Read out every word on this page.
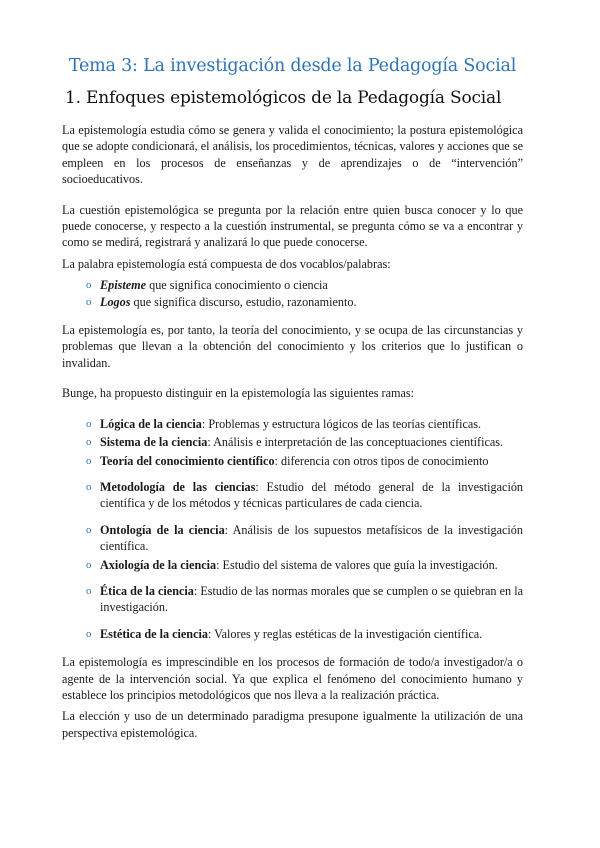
Tema 3: La investigación desde la Pedagogía Social
1. Enfoques epistemológicos de la Pedagogía Social

La epistemología estudia cómo se genera y valida el conocimiento; la postura epistemológica que se adopte condicionará, el análisis, los procedimientos, técnicas, valores y acciones que se empleen en los procesos de enseñanzas y de aprendizajes o de “intervención” socioeducativos.

La cuestión epistemológica se pregunta por la relación entre quien busca conocer y lo que puede conocerse, y respecto a la cuestión instrumental, se pregunta cómo se va a encontrar y como se medirá, registrará y analizará lo que puede conocerse.

La palabra epistemología está compuesta de dos vocablos/palabras:

o Episteme que significa conocimiento o ciencia
o Logos que significa discurso, estudio, razonamiento.

La epistemología es, por tanto, la teoría del conocimiento, y se ocupa de las circunstancias y problemas que llevan a la obtención del conocimiento y los criterios que lo justifican o invalidan.

Bunge, ha propuesto distinguir en la epistemología las siguientes ramas:

o Lógica de la ciencia: Problemas y estructura lógicos de las teorías científicas.
o Sistema de la ciencia: Análisis e interpretación de las conceptuaciones científicas.
o Teoría del conocimiento científico: diferencia con otros tipos de conocimiento
o Metodología de las ciencias: Estudio del método general de la investigación científica y de los métodos y técnicas particulares de cada ciencia.
o Ontología de la ciencia: Análisis de los supuestos metafísicos de la investigación científica.
o Axiología de la ciencia: Estudio del sistema de valores que guía la investigación.
o Ética de la ciencia: Estudio de las normas morales que se cumplen o se quiebran en la investigación.
o Estética de la ciencia: Valores y reglas estéticas de la investigación científica.

La epistemología es imprescindible en los procesos de formación de todo/a investigador/a o agente de la intervención social. Ya que explica el fenómeno del conocimiento humano y establece los principios metodológicos que nos lleva a la realización práctica.

La elección y uso de un determinado paradigma presupone igualmente la utilización de una perspectiva epistemológica.
